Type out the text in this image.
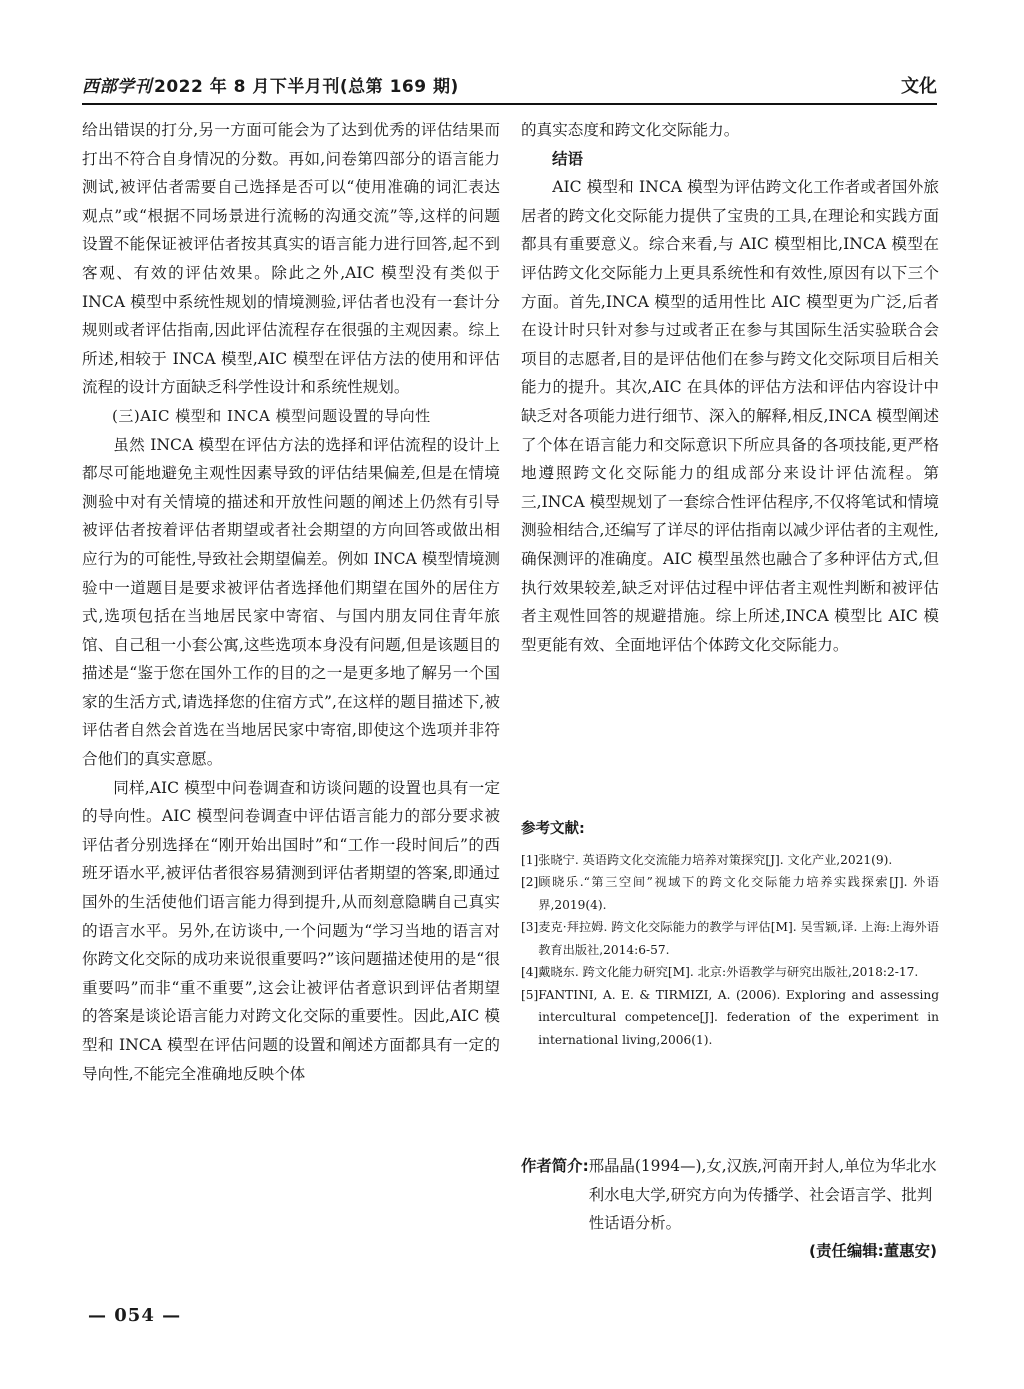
西部学刊 2022 年 8 月下半月刊(总第 169 期)	文化

给出错误的打分,另一方面可能会为了达到优秀的评估结果而打出不符合自身情况的分数。再如,问卷第四部分的语言能力测试,被评估者需要自己选择是否可以“使用准确的词汇表达观点”或“根据不同场景进行流畅的沟通交流”等,这样的问题设置不能保证被评估者按其真实的语言能力进行回答,起不到客观、有效的评估效果。除此之外,AIC 模型没有类似于 INCA 模型中系统性规划的情境测验,评估者也没有一套计分规则或者评估指南,因此评估流程存在很强的主观因素。综上所述,相较于 INCA 模型,AIC 模型在评估方法的使用和评估流程的设计方面缺乏科学性设计和系统性规划。

(三)AIC 模型和 INCA 模型问题设置的导向性

虽然 INCA 模型在评估方法的选择和评估流程的设计上都尽可能地避免主观性因素导致的评估结果偏差,但是在情境测验中对有关情境的描述和开放性问题的阐述上仍然有引导被评估者按着评估者期望或者社会期望的方向回答或做出相应行为的可能性,导致社会期望偏差。例如 INCA 模型情境测验中一道题目是要求被评估者选择他们期望在国外的居住方式,选项包括在当地居民家中寄宿、与国内朋友同住青年旅馆、自己租一小套公寓,这些选项本身没有问题,但是该题目的描述是“鉴于您在国外工作的目的之一是更多地了解另一个国家的生活方式,请选择您的住宿方式”,在这样的题目描述下,被评估者自然会首选在当地居民家中寄宿,即使这个选项并非符合他们的真实意愿。

同样,AIC 模型中问卷调查和访谈问题的设置也具有一定的导向性。AIC 模型问卷调查中评估语言能力的部分要求被评估者分别选择在“刚开始出国时”和“工作一段时间后”的西班牙语水平,被评估者很容易猜测到评估者期望的答案,即通过国外的生活使他们语言能力得到提升,从而刻意隐瞒自己真实的语言水平。另外,在访谈中,一个问题为“学习当地的语言对你跨文化交际的成功来说很重要吗?”该问题描述使用的是“很重要吗”而非“重不重要”,这会让被评估者意识到评估者期望的答案是谈论语言能力对跨文化交际的重要性。因此,AIC 模型和 INCA 模型在评估问题的设置和阐述方面都具有一定的导向性,不能完全准确地反映个体

的真实态度和跨文化交际能力。

结语

AIC 模型和 INCA 模型为评估跨文化工作者或者国外旅居者的跨文化交际能力提供了宝贵的工具,在理论和实践方面都具有重要意义。综合来看,与 AIC 模型相比,INCA 模型在评估跨文化交际能力上更具系统性和有效性,原因有以下三个方面。首先,INCA 模型的适用性比 AIC 模型更为广泛,后者在设计时只针对参与过或者正在参与其国际生活实验联合会项目的志愿者,目的是评估他们在参与跨文化交际项目后相关能力的提升。其次,AIC 在具体的评估方法和评估内容设计中缺乏对各项能力进行细节、深入的解释,相反,INCA 模型阐述了个体在语言能力和交际意识下所应具备的各项技能,更严格地遵照跨文化交际能力的组成部分来设计评估流程。第三,INCA 模型规划了一套综合性评估程序,不仅将笔试和情境测验相结合,还编写了详尽的评估指南以减少评估者的主观性,确保测评的准确度。AIC 模型虽然也融合了多种评估方式,但执行效果较差,缺乏对评估过程中评估者主观性判断和被评估者主观性回答的规避措施。综上所述,INCA 模型比 AIC 模型更能有效、全面地评估个体跨文化交际能力。

参考文献:

[1] 张晓宁. 英语跨文化交流能力培养对策探究[J]. 文化产业,2021(9).
[2] 顾晓乐.“第三空间”视域下的跨文化交际能力培养实践探索[J]. 外语界,2019(4).
[3] 麦克·拜拉姆. 跨文化交际能力的教学与评估[M]. 吴雪颖,译. 上海:上海外语教育出版社,2014:6-57.
[4] 戴晓东. 跨文化能力研究[M]. 北京:外语教学与研究出版社,2018:2-17.
[5] FANTINI, A. E. & TIRMIZI, A. (2006). Exploring and assessing intercultural competence[J]. federation of the experiment in international living,2006(1).
作者简介: 邢晶晶(1994—),女,汉族,河南开封人,单位为华北水利水电大学,研究方向为传播学、社会语言学、批判性话语分析。
(责任编辑:董惠安)
— 054 —
